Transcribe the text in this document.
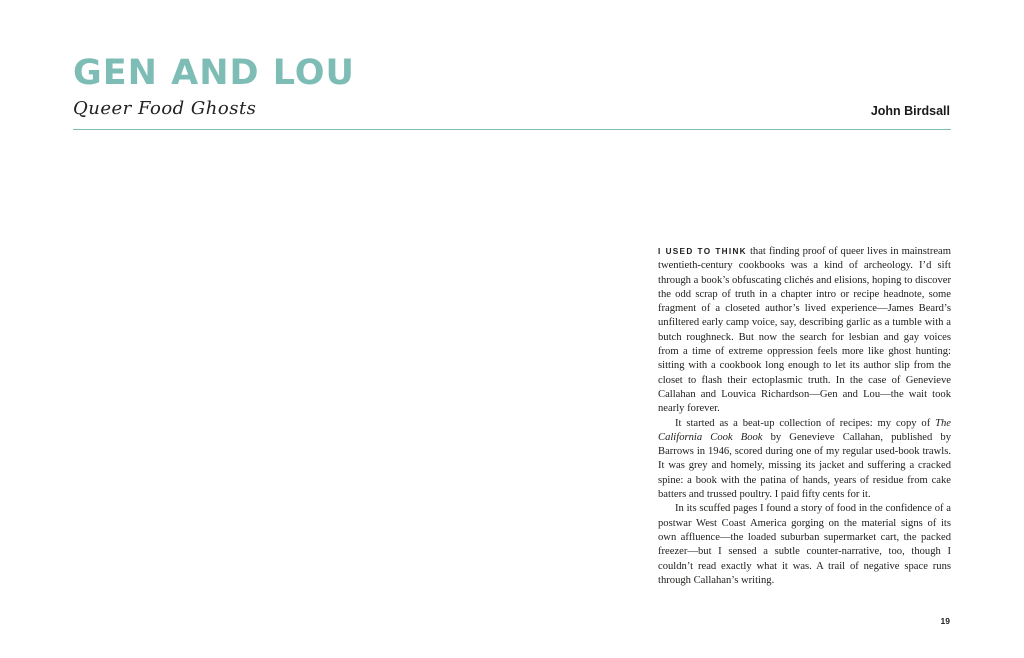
GEN AND LOU
Queer Food Ghosts	John Birdsall

I USED TO THINK that finding proof of queer lives in mainstream twentieth-century cookbooks was a kind of archeology. I’d sift through a book’s obfuscating clichés and elisions, hoping to discover the odd scrap of truth in a chapter intro or recipe headnote, some fragment of a closeted author’s lived experience—James Beard’s unfiltered early camp voice, say, describing garlic as a tumble with a butch roughneck. But now the search for lesbian and gay voices from a time of extreme oppression feels more like ghost hunting: sitting with a cookbook long enough to let its author slip from the closet to flash their ectoplasmic truth. In the case of Genevieve Callahan and Louvica Richardson—Gen and Lou—the wait took nearly forever.

It started as a beat-up collection of recipes: my copy of The California Cook Book by Genevieve Callahan, published by Barrows in 1946, scored during one of my regular used-book trawls. It was grey and homely, missing its jacket and suffering a cracked spine: a book with the patina of hands, years of residue from cake batters and trussed poultry. I paid fifty cents for it.

In its scuffed pages I found a story of food in the confidence of a postwar West Coast America gorging on the material signs of its own affluence—the loaded suburban supermarket cart, the packed freezer—but I sensed a subtle counter-narrative, too, though I couldn’t read exactly what it was. A trail of negative space runs through Callahan’s writing.

19
